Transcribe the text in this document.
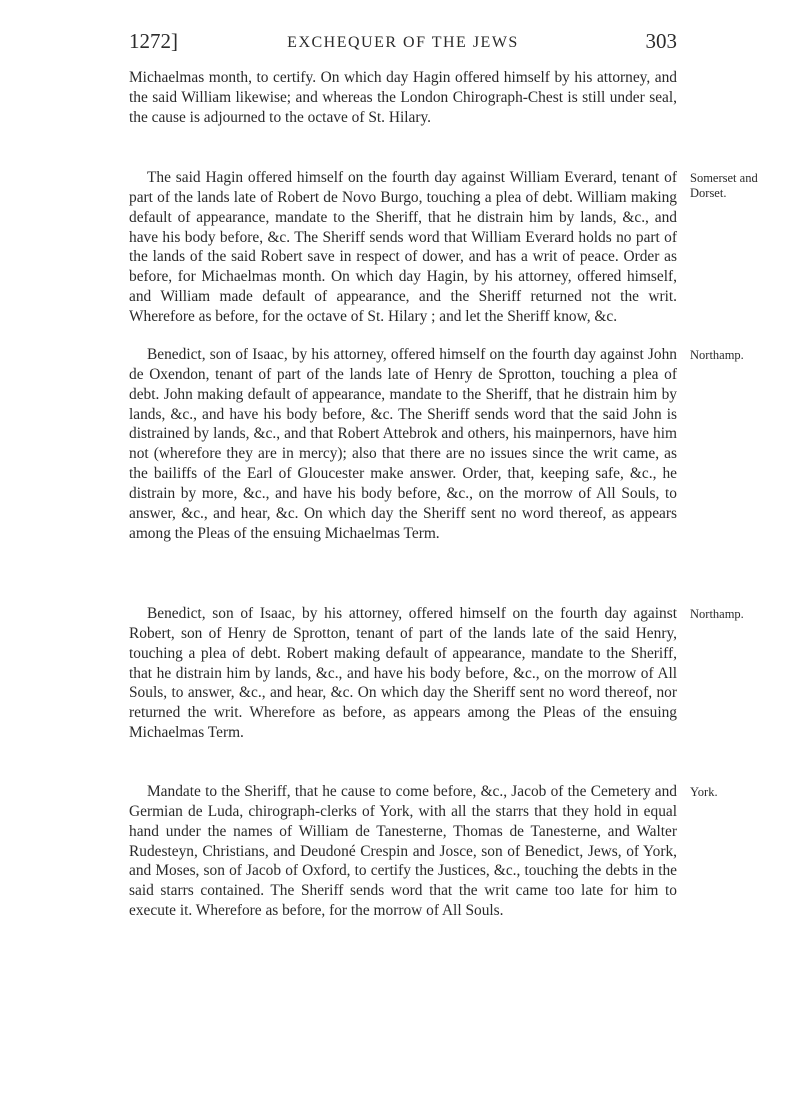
1272]	EXCHEQUER OF THE JEWS	303

Michaelmas month, to certify. On which day Hagin offered himself by his attorney, and the said William likewise; and whereas the London Chirograph-Chest is still under seal, the cause is adjourned to the octave of St. Hilary.

The said Hagin offered himself on the fourth day against William Everard, tenant of part of the lands late of Robert de Novo Burgo, touching a plea of debt. William making default of appearance, mandate to the Sheriff, that he distrain him by lands, &c., and have his body before, &c. The Sheriff sends word that William Everard holds no part of the lands of the said Robert save in respect of dower, and has a writ of peace. Order as before, for Michaelmas month. On which day Hagin, by his attorney, offered himself, and William made default of appearance, and the Sheriff returned not the writ. Wherefore as before, for the octave of St. Hilary ; and let the Sheriff know, &c.

Somerset and Dorset.

Benedict, son of Isaac, by his attorney, offered himself on the fourth day against John de Oxendon, tenant of part of the lands late of Henry de Sprotton, touching a plea of debt. John making default of appearance, mandate to the Sheriff, that he distrain him by lands, &c., and have his body before, &c. The Sheriff sends word that the said John is distrained by lands, &c., and that Robert Attebrok and others, his mainpernors, have him not (wherefore they are in mercy); also that there are no issues since the writ came, as the bailiffs of the Earl of Gloucester make answer. Order, that, keeping safe, &c., he distrain by more, &c., and have his body before, &c., on the morrow of All Souls, to answer, &c., and hear, &c. On which day the Sheriff sent no word thereof, as appears among the Pleas of the ensuing Michaelmas Term.

Northamp.

Benedict, son of Isaac, by his attorney, offered himself on the fourth day against Robert, son of Henry de Sprotton, tenant of part of the lands late of the said Henry, touching a plea of debt. Robert making default of appearance, mandate to the Sheriff, that he distrain him by lands, &c., and have his body before, &c., on the morrow of All Souls, to answer, &c., and hear, &c. On which day the Sheriff sent no word thereof, nor returned the writ. Wherefore as before, as appears among the Pleas of the ensuing Michaelmas Term.

Northamp.

Mandate to the Sheriff, that he cause to come before, &c., Jacob of the Cemetery and Germian de Luda, chirograph-clerks of York, with all the starrs that they hold in equal hand under the names of William de Tanesterne, Thomas de Tanesterne, and Walter Rudesteyn, Christians, and Deudoné Crespin and Josce, son of Benedict, Jews, of York, and Moses, son of Jacob of Oxford, to certify the Justices, &c., touching the debts in the said starrs contained. The Sheriff sends word that the writ came too late for him to execute it. Wherefore as before, for the morrow of All Souls.

York.
